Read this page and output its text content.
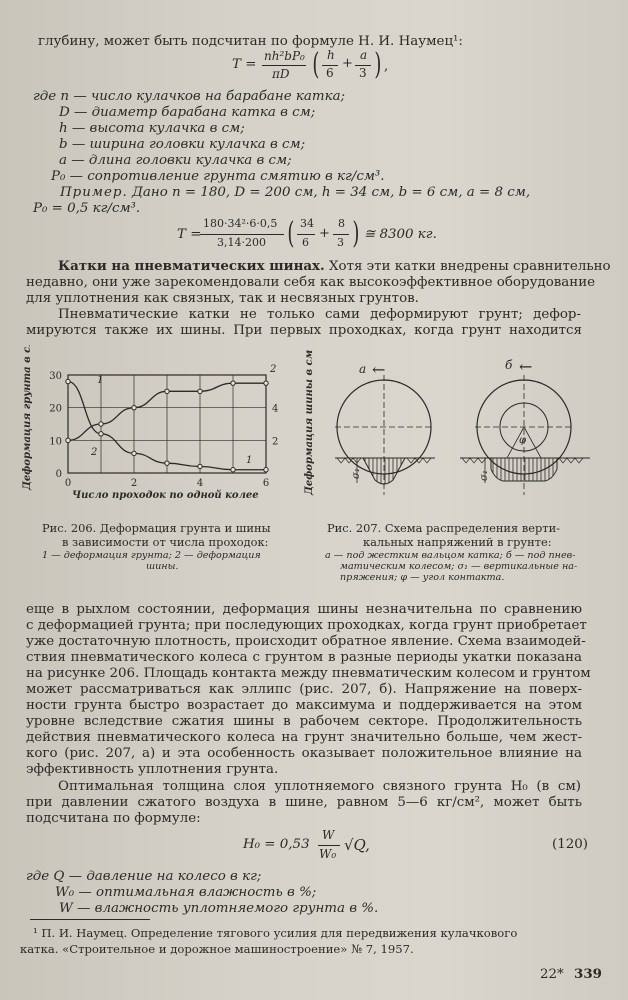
глубину, может быть подсчитан по формуле Н. И. Наумец¹:
T =
nh²bP₀
πD ( h
6
+
a
3 ) ,
где n — число кулачков на барабане катка;
D — диаметр барабана катка в см;
h — высота кулачка в см;
b — ширина головки кулачка в см;
a — длина головки кулачка в см;
P₀ — сопротивление грунта смятию в кг/см³.
Пример. Дано n = 180, D = 200 см, h = 34 см, b = 6 см, a = 8 см,
P₀ = 0,5 кг/см³.
T =
180·34²·6·0,5
3,14·200 ( 34
6
+
8
3 ) ≅ 8300 кг.
Катки на пневматических шинах. Хотя эти катки внедрены сравнительно
недавно, они уже зарекомендовали себя как высокоэффективное оборудование
для уплотнения как связных, так и несвязных грунтов.
Пневматические катки не только сами деформируют грунт; дефор-
мируются также их шины. При первых проходках, когда грунт находится
0
10
20
30
2
4
0	2	4	6
Деформация грунта в см	Деформация шины в см
Число проходок по одной колее
1
2
1
2
Рис. 206. Деформация грунта и шины
в зависимости от числа проходок:
1 — деформация грунта; 2 — деформация
шины.
а ←
σ₁
б ←
φ
σ₁
Рис. 207. Схема распределения верти-
кальных напряжений в грунте:
а — под жестким вальцом катка; б — под пнев-
матическим колесом; σ₁ — вертикальные на-
пряжения; φ — угол контакта.
еще в рыхлом состоянии, деформация шины незначительна по сравнению
с деформацией грунта; при последующих проходках, когда грунт приобретает
уже достаточную плотность, происходит обратное явление. Схема взаимодей-
ствия пневматического колеса с грунтом в разные периоды укатки показана
на рисунке 206. Площадь контакта между пневматическим колесом и грунтом
может рассматриваться как эллипс (рис. 207, б). Напряжение на поверх-
ности грунта быстро возрастает до максимума и поддерживается на этом
уровне вследствие сжатия шины в рабочем секторе. Продолжительность
действия пневматического колеса на грунт значительно больше, чем жест-
кого (рис. 207, а) и эта особенность оказывает положительное влияние на
эффективность уплотнения грунта.
Оптимальная толщина слоя уплотняемого связного грунта H₀ (в см)
при давлении сжатого воздуха в шине, равном 5—6 кг/см², может быть
подсчитана по формуле:
H₀ = 0,53
W
W₀ √Q,	(120)
где Q — давление на колесо в кг;
W₀ — оптимальная влажность в %;
W — влажность уплотняемого грунта в %.
¹ П. И. Наумец. Определение тягового усилия для передвижения кулачкового
катка. «Строительное и дорожное машиностроение» № 7, 1957.
22* 339
